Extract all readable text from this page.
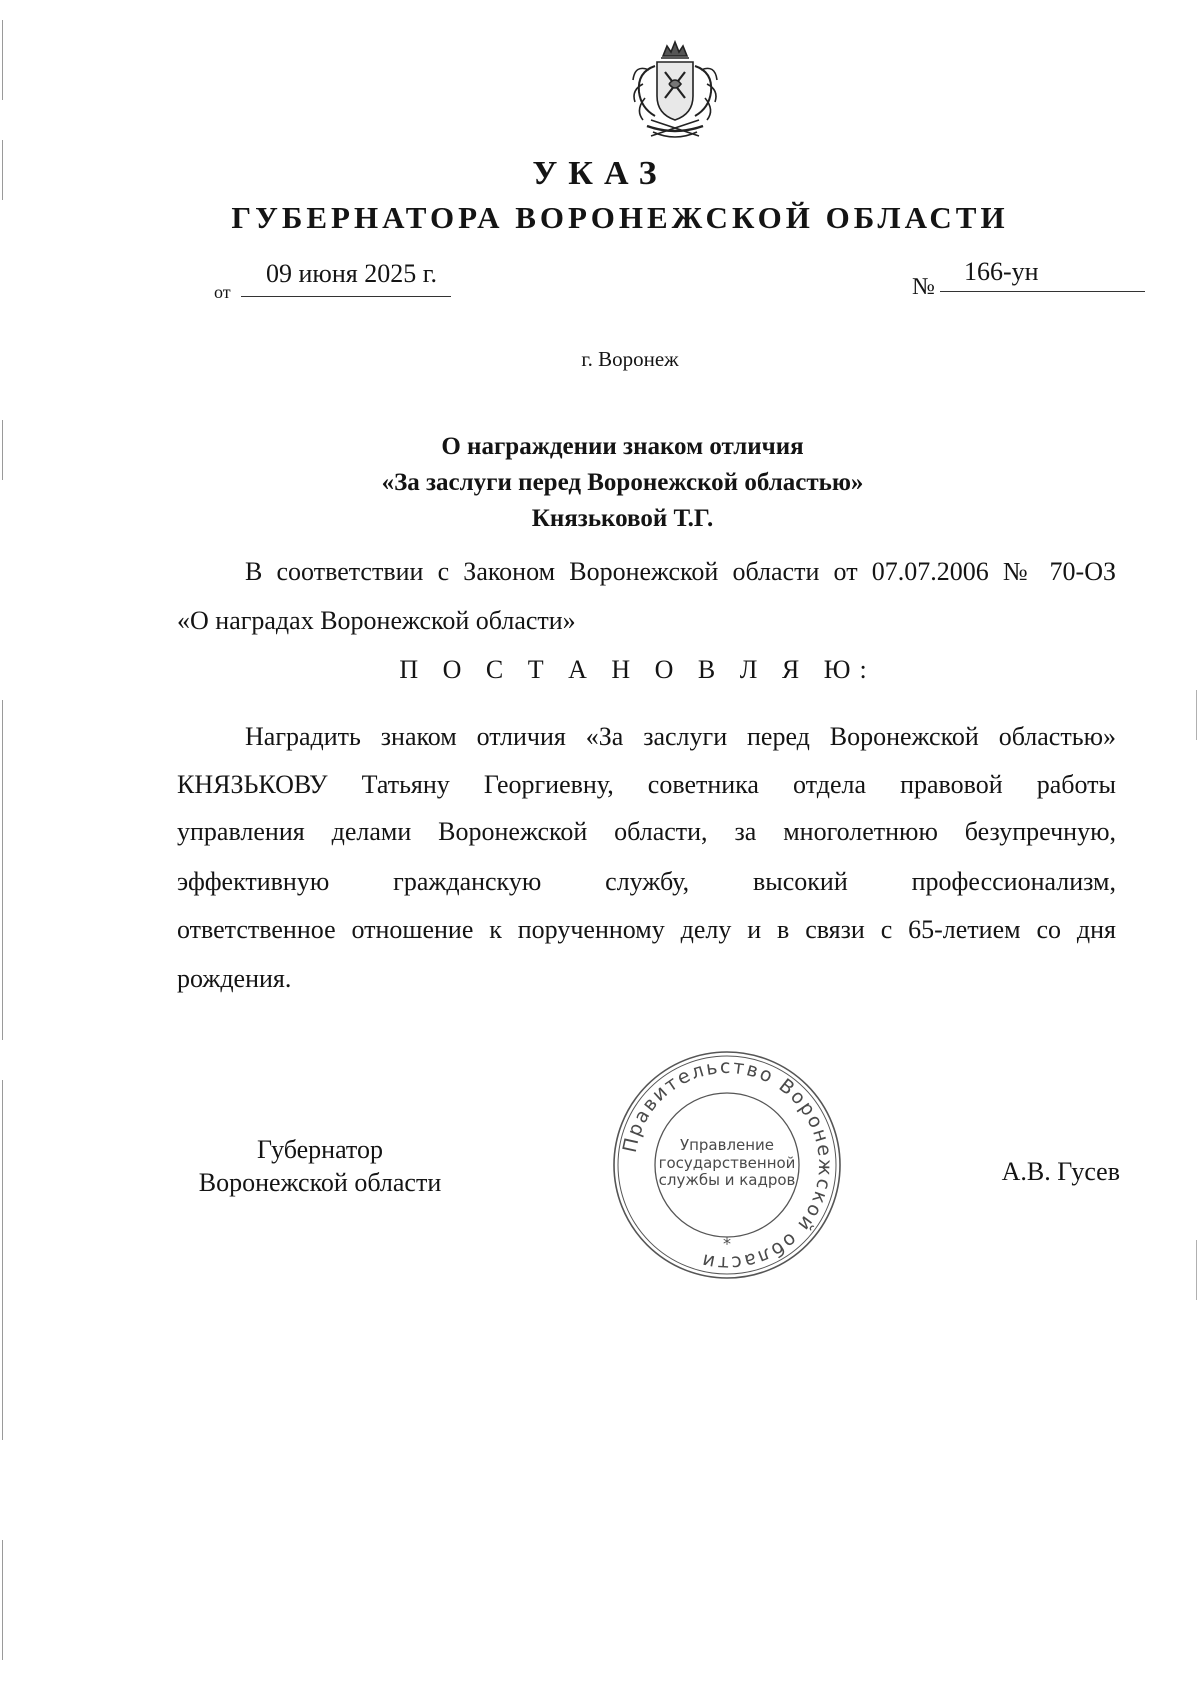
УКАЗ
ГУБЕРНАТОРА ВОРОНЕЖСКОЙ ОБЛАСТИ
от
09 июня 2025 г.	№
166-ун
г. Воронеж
О награждении знаком отличия
«За заслуги перед Воронежской областью»
Князьковой Т.Г.
В соответствии с Законом Воронежской области от 07.07.2006 № 70-ОЗ
«О наградах Воронежской области»
П О С Т А Н О В Л Я Ю:
Наградить знаком отличия «За заслуги перед Воронежской областью»
КНЯЗЬКОВУ Татьяну Георгиевну, советника отдела правовой работы
управления делами Воронежской области, за многолетнюю безупречную,
эффективную гражданскую службу, высокий профессионализм,
ответственное отношение к порученному делу и в связи с 65-летием со дня
рождения.
Губернатор
Воронежской области
Правительство Воронежской области
Управление
государственной
службы и кадров
*
А.В. Гусев
